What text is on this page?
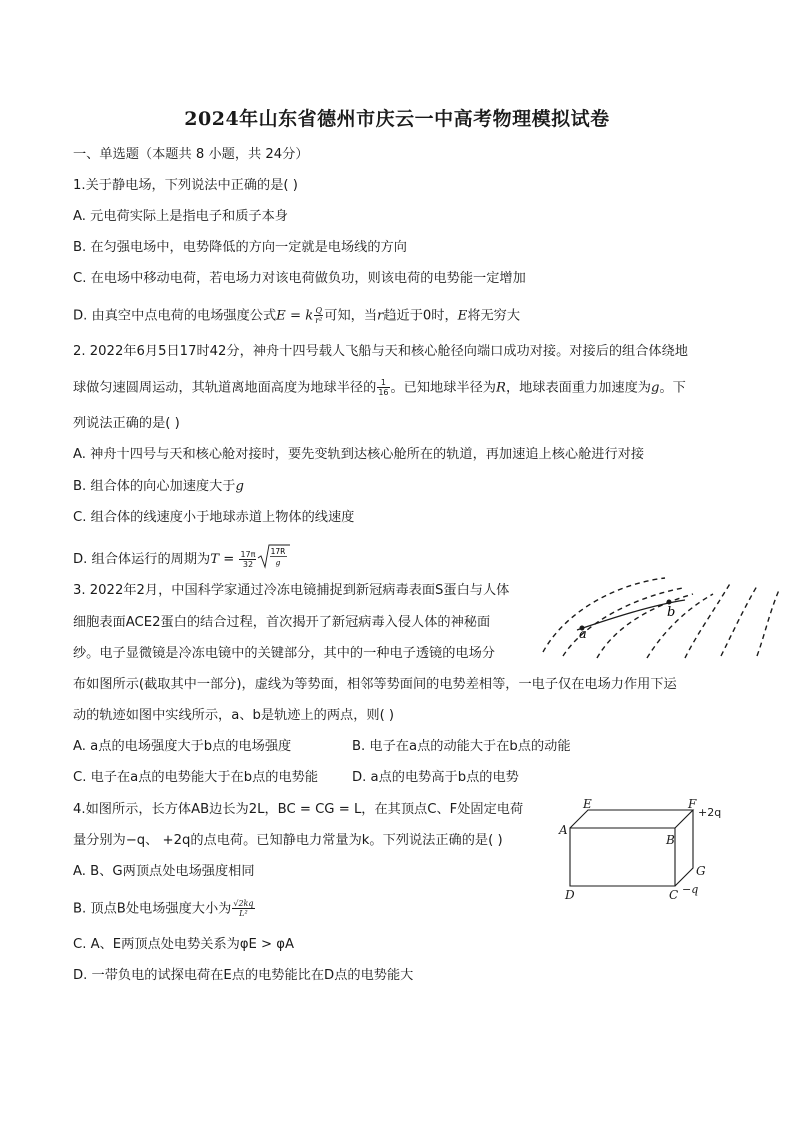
2024年山东省德州市庆云一中高考物理模拟试卷
一、单选题（本题共 8 小题，共 24分）
1.关于静电场，下列说法中正确的是( )
A. 元电荷实际上是指电子和质子本身
B. 在匀强电场中，电势降低的方向一定就是电场线的方向
C. 在电场中移动电荷，若电场力对该电荷做负功，则该电荷的电势能一定增加
D. 由真空中点电荷的电场强度公式E = k $\frac{Q}{\text{r²}}$ 可知，当r趋近于0时，E将无穷大
2. 2022年6月5日17时42分，神舟十四号载人飞船与天和核心舱径向端口成功对接。对接后的组合体绕地
球做匀速圆周运动，其轨道离地面高度为地球半径的 $\frac{1}{16}$ 。已知地球半径为R，地球表面重力加速度为g。下
列说法正确的是( )
A. 神舟十四号与天和核心舱对接时，要先变轨到达核心舱所在的轨道，再加速追上核心舱进行对接
B. 组合体的向心加速度大于g
C. 组合体的线速度小于地球赤道上物体的线速度
D. 组合体运行的周期为$T = \frac{17\pi}{32} 17R$
g
3. 2022年2月，中国科学家通过冷冻电镜捕捉到新冠病毒表面S蛋白与人体
细胞表面ACE2蛋白的结合过程，首次揭开了新冠病毒入侵人体的神秘面
纱。电子显微镜是冷冻电镜中的关键部分，其中的一种电子透镜的电场分
布如图所示(截取其中一部分)，虚线为等势面，相邻等势面间的电势差相等，一电子仅在电场力作用下运
动的轨迹如图中实线所示，a、b是轨迹上的两点，则( )
A. a点的电场强度大于b点的电场强度	B. 电子在a点的动能大于在b点的动能
C. 电子在a点的电势能大于在b点的电势能	D. a点的电势高于b点的电势
a
b
4.如图所示，长方体AB边长为2L，BC = CG = L，在其顶点C、F处固定电荷
量分别为−q、 +2q的点电荷。已知静电力常量为k。下列说法正确的是( )
A. B、G两顶点处电场强度相同
B. 顶点B处电场强度大小为 $\frac{√2kq}{\text{L²}}$
C. A、E两顶点处电势关系为φE > φA
D. 一带负电的试探电荷在E点的电势能比在D点的电势能大
A
E	F
+2q
B
G
D	C −q
